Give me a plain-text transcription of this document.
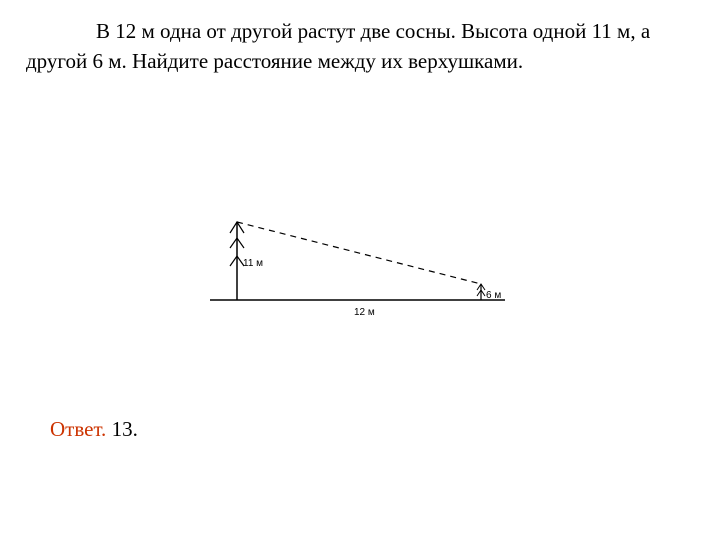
В 12 м одна от другой растут две сосны. Высота одной 11 м, а другой 6 м. Найдите расстояние между их верхушками.

11 м
6 м
12 м

Ответ. 13.
